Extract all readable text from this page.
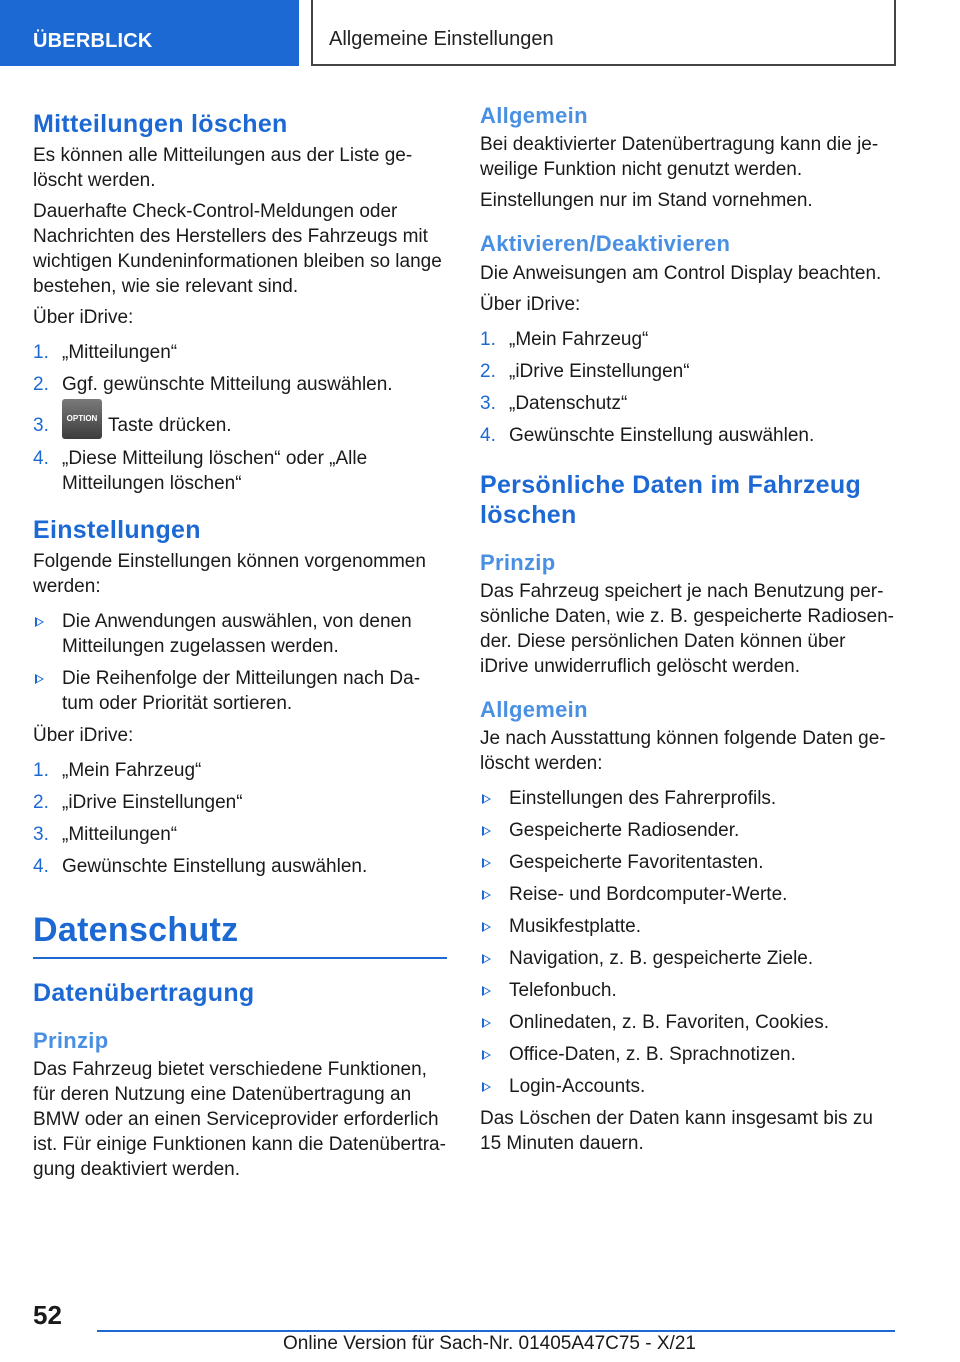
ÜBERBLICK	Allgemeine Einstellungen
Mitteilungen löschen

Es können alle Mitteilungen aus der Liste ge-löscht werden.

Dauerhafte Check-Control-Meldungen oder Nachrichten des Herstellers des Fahrzeugs mit wichtigen Kundeninformationen bleiben so lange bestehen, wie sie relevant sind.

Über iDrive:

1. „Mitteilungen“
2. Ggf. gewünschte Mitteilung auswählen.
3. OPTION Taste drücken.
4. „Diese Mitteilung löschen“ oder „Alle Mitteilungen löschen“
Einstellungen

Folgende Einstellungen können vorgenommen werden:

Die Anwendungen auswählen, von denen Mitteilungen zugelassen werden.
Die Reihenfolge der Mitteilungen nach Da-tum oder Priorität sortieren.

Über iDrive:

1. „Mein Fahrzeug“
2. „iDrive Einstellungen“
3. „Mitteilungen“
4. Gewünschte Einstellung auswählen.
Datenschutz
Datenübertragung
Prinzip

Das Fahrzeug bietet verschiedene Funktionen, für deren Nutzung eine Datenübertragung an BMW oder an einen Serviceprovider erforderlich ist. Für einige Funktionen kann die Datenübertra-gung deaktiviert werden.

Allgemein

Bei deaktivierter Datenübertragung kann die je-weilige Funktion nicht genutzt werden.

Einstellungen nur im Stand vornehmen.

Aktivieren/Deaktivieren

Die Anweisungen am Control Display beachten.

Über iDrive:

1. „Mein Fahrzeug“
2. „iDrive Einstellungen“
3. „Datenschutz“
4. Gewünschte Einstellung auswählen.
Persönliche Daten im Fahrzeug löschen
Prinzip

Das Fahrzeug speichert je nach Benutzung per-sönliche Daten, wie z. B. gespeicherte Radiosen-der. Diese persönlichen Daten können über iDrive unwiderruflich gelöscht werden.

Allgemein

Je nach Ausstattung können folgende Daten ge-löscht werden:

Einstellungen des Fahrerprofils.
Gespeicherte Radiosender.
Gespeicherte Favoritentasten.
Reise- und Bordcomputer-Werte.
Musikfestplatte.
Navigation, z. B. gespeicherte Ziele.
Telefonbuch.
Onlinedaten, z. B. Favoriten, Cookies.
Office-Daten, z. B. Sprachnotizen.
Login-Accounts.

Das Löschen der Daten kann insgesamt bis zu 15 Minuten dauern.

52
Online Version für Sach-Nr. 01405A47C75 - X/21
